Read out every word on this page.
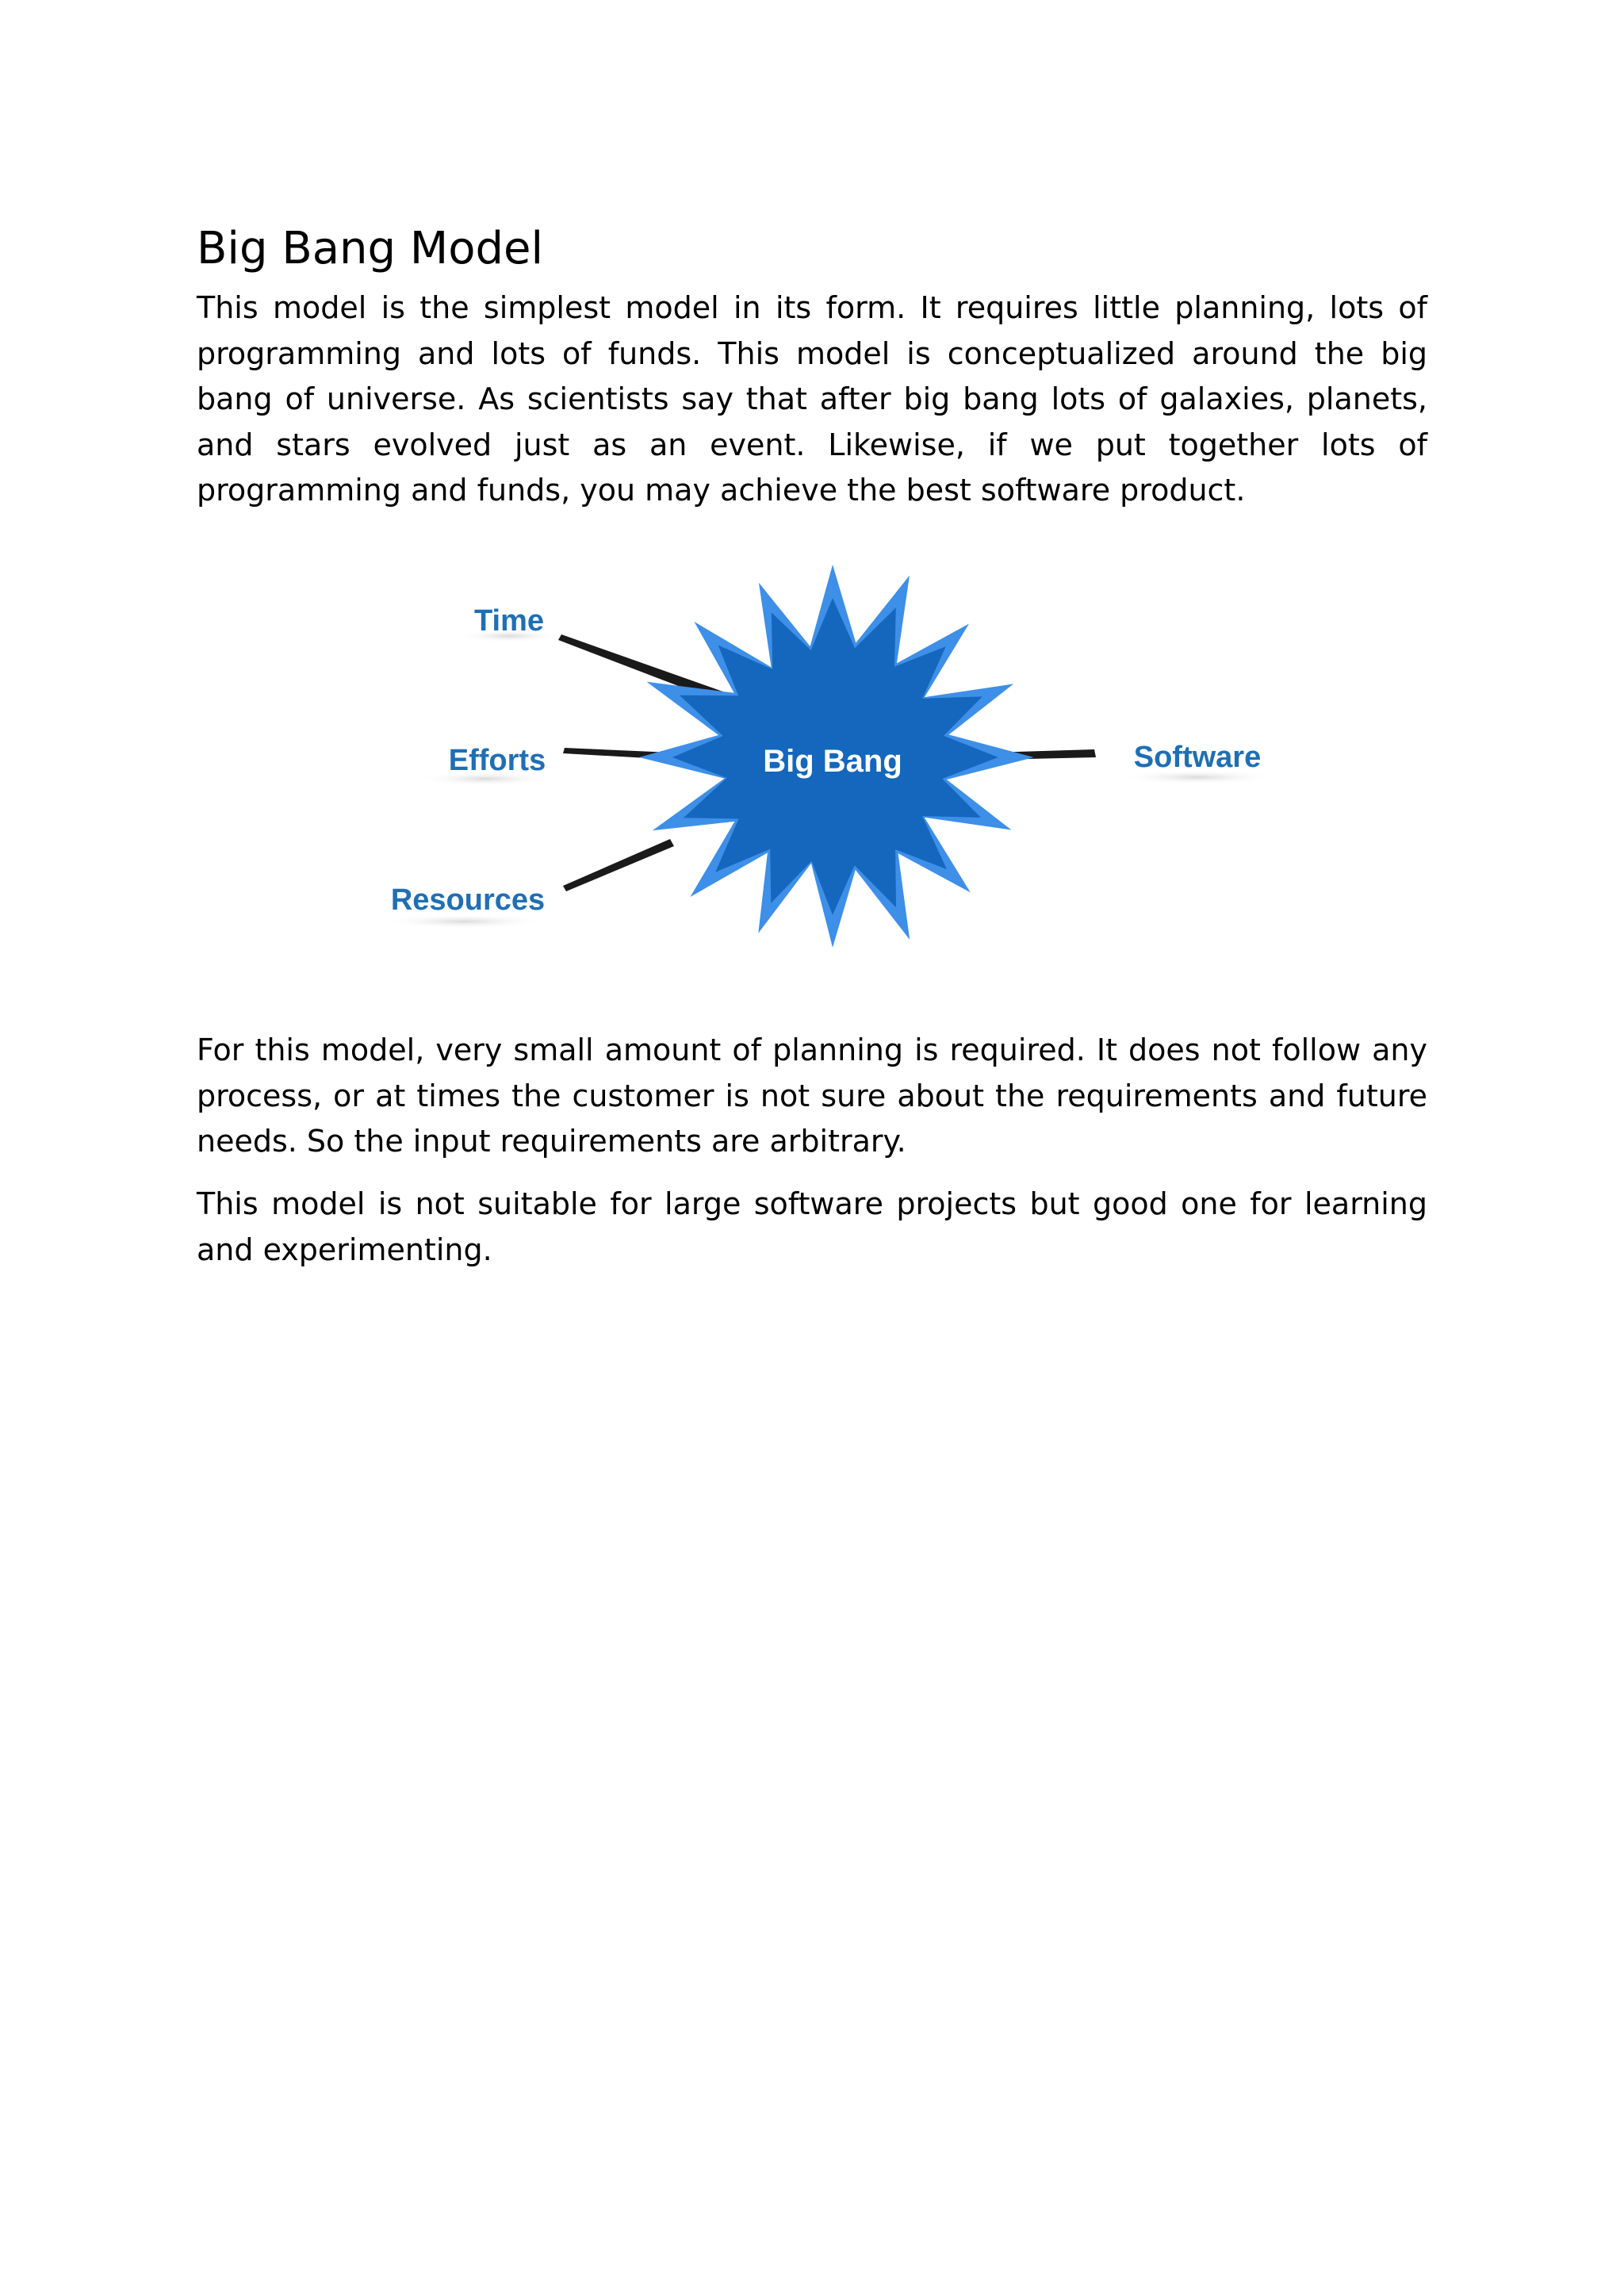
Big Bang Model

This model is the simplest model in its form. It requires little planning, lots of programming and lots of funds. This model is conceptualized around the big bang of universe. As scientists say that after big bang lots of galaxies, planets, and stars evolved just as an event. Likewise, if we put together lots of programming and funds, you may achieve the best software product.

Time
Efforts
Resources
Software
Big Bang

For this model, very small amount of planning is required. It does not follow any process, or at times the customer is not sure about the requirements and future needs. So the input requirements are arbitrary.

This model is not suitable for large software projects but good one for learning and experimenting.
